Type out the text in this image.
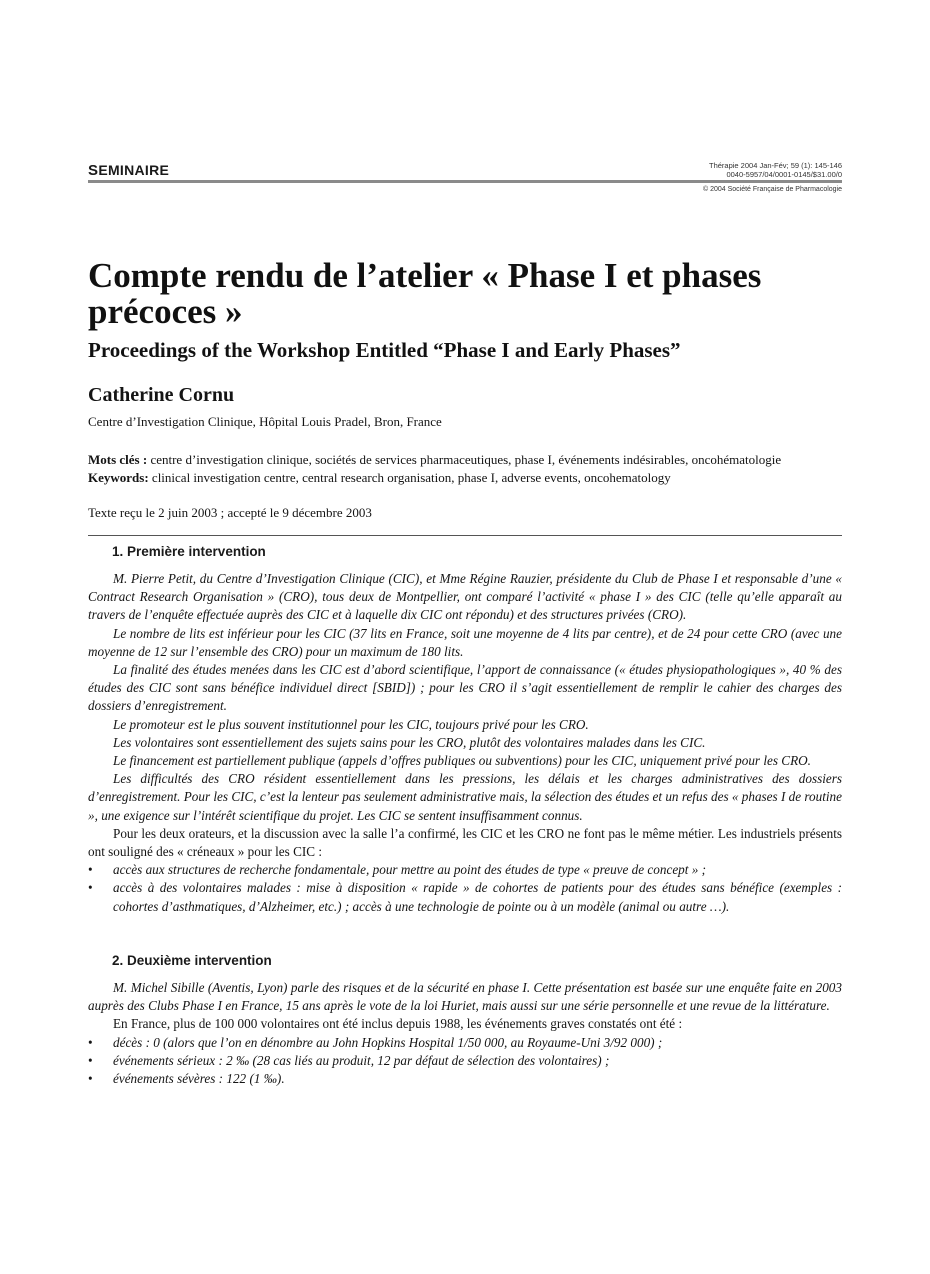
SEMINAIRE	Thérapie 2004 Jan-Fév; 59 (1): 145-146
0040-5957/04/0001-0145/$31.00/0
© 2004 Société Française de Pharmacologie
Compte rendu de l’atelier « Phase I et phases précoces »
Proceedings of the Workshop Entitled “Phase I and Early Phases”
Catherine Cornu
Centre d’Investigation Clinique, Hôpital Louis Pradel, Bron, France
Mots clés : centre d’investigation clinique, sociétés de services pharmaceutiques, phase I, événements indésirables, oncohématologie
Keywords: clinical investigation centre, central research organisation, phase I, adverse events, oncohematology
Texte reçu le 2 juin 2003 ; accepté le 9 décembre 2003
1. Première intervention

M. Pierre Petit, du Centre d’Investigation Clinique (CIC), et Mme Régine Rauzier, présidente du Club de Phase I et responsable d’une « Contract Research Organisation » (CRO), tous deux de Montpellier, ont comparé l’activité « phase I » des CIC (telle qu’elle apparaît au travers de l’enquête effectuée auprès des CIC et à laquelle dix CIC ont répondu) et des structures privées (CRO).

Le nombre de lits est inférieur pour les CIC (37 lits en France, soit une moyenne de 4 lits par centre), et de 24 pour cette CRO (avec une moyenne de 12 sur l’ensemble des CRO) pour un maximum de 180 lits.

La finalité des études menées dans les CIC est d’abord scientifique, l’apport de connaissance (« études physiopathologiques », 40 % des études des CIC sont sans bénéfice individuel direct [SBID]) ; pour les CRO il s’agit essentiellement de remplir le cahier des charges des dossiers d’enregistrement.

Le promoteur est le plus souvent institutionnel pour les CIC, toujours privé pour les CRO.

Les volontaires sont essentiellement des sujets sains pour les CRO, plutôt des volontaires malades dans les CIC.

Le financement est partiellement publique (appels d’offres publiques ou subventions) pour les CIC, uniquement privé pour les CRO.

Les difficultés des CRO résident essentiellement dans les pressions, les délais et les charges administratives des dossiers d’enregistrement. Pour les CIC, c’est la lenteur pas seulement administrative mais, la sélection des études et un refus des « phases I de routine », une exigence sur l’intérêt scientifique du projet. Les CIC se sentent insuffisamment connus.

Pour les deux orateurs, et la discussion avec la salle l’a confirmé, les CIC et les CRO ne font pas le même métier. Les industriels présents ont souligné des « créneaux » pour les CIC :

• accès aux structures de recherche fondamentale, pour mettre au point des études de type « preuve de concept » ;
• accès à des volontaires malades : mise à disposition « rapide » de cohortes de patients pour des études sans bénéfice (exemples : cohortes d’asthmatiques, d’Alzheimer, etc.) ; accès à une technologie de pointe ou à un modèle (animal ou autre …).
2. Deuxième intervention

M. Michel Sibille (Aventis, Lyon) parle des risques et de la sécurité en phase I. Cette présentation est basée sur une enquête faite en 2003 auprès des Clubs Phase I en France, 15 ans après le vote de la loi Huriet, mais aussi sur une série personnelle et une revue de la littérature.

En France, plus de 100 000 volontaires ont été inclus depuis 1988, les événements graves constatés ont été :

• décès : 0 (alors que l’on en dénombre au John Hopkins Hospital 1/50 000, au Royaume-Uni 3/92 000) ;
• événements sérieux : 2 ‰ (28 cas liés au produit, 12 par défaut de sélection des volontaires) ;
• événements sévères : 122 (1 ‰).
